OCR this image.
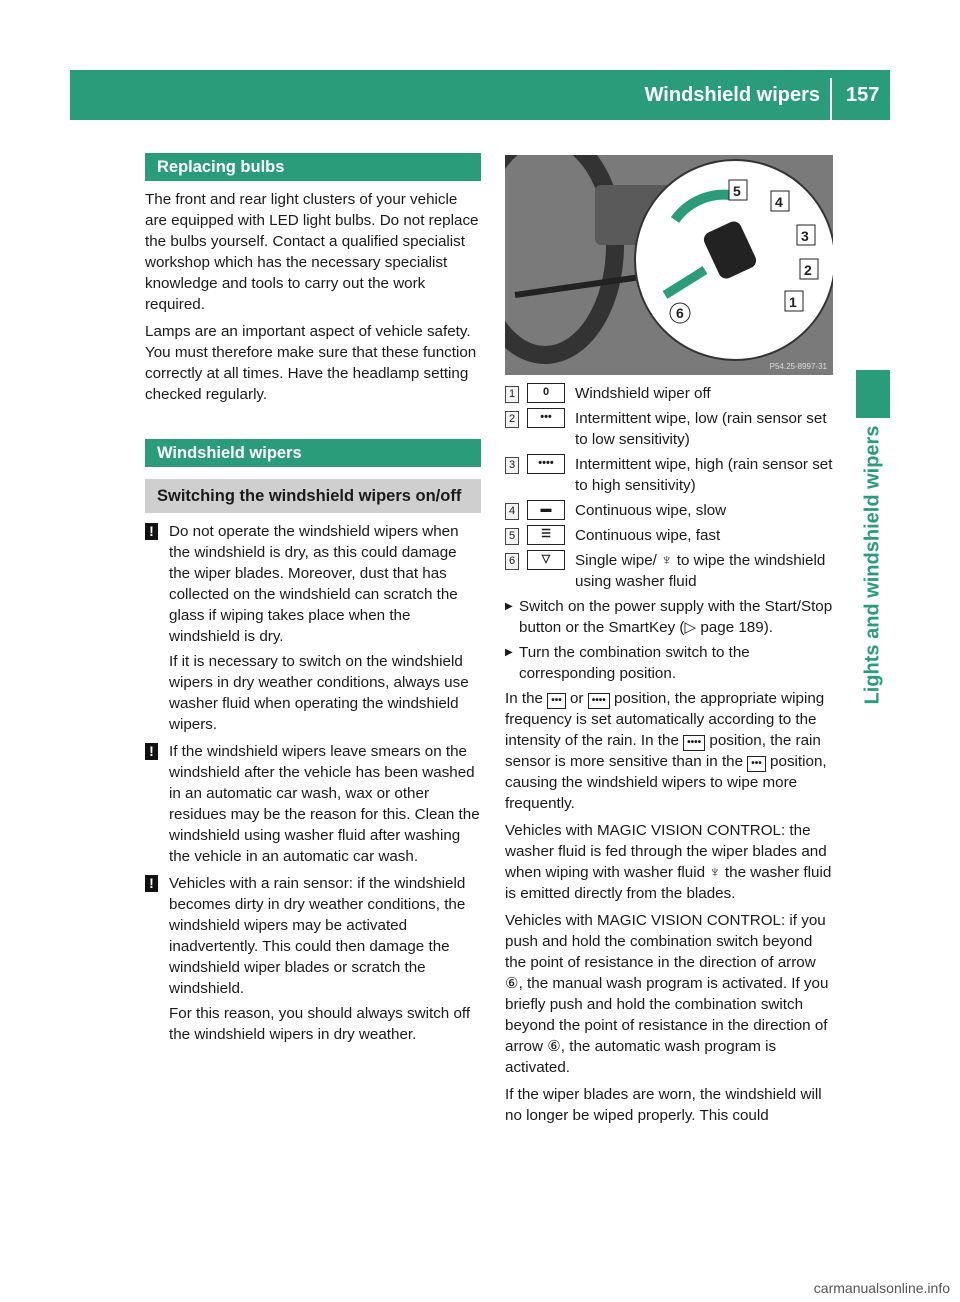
Windshield wipers 157
Lights and windshield wipers
Replacing bulbs

The front and rear light clusters of your vehicle are equipped with LED light bulbs. Do not replace the bulbs yourself. Contact a qualified specialist workshop which has the necessary specialist knowledge and tools to carry out the work required.

Lamps are an important aspect of vehicle safety. You must therefore make sure that these function correctly at all times. Have the headlamp setting checked regularly.

Windshield wipers
Switching the windshield wipers on/off
! Do not operate the windshield wipers when the windshield is dry, as this could damage the wiper blades. Moreover, dust that has collected on the windshield can scratch the glass if wiping takes place when the windshield is dry.

If it is necessary to switch on the windshield wipers in dry weather conditions, always use washer fluid when operating the windshield wipers.

! If the windshield wipers leave smears on the windshield after the vehicle has been washed in an automatic car wash, wax or other residues may be the reason for this. Clean the windshield using washer fluid after washing the vehicle in an automatic car wash.

! Vehicles with a rain sensor: if the windshield becomes dirty in dry weather conditions, the windshield wipers may be activated inadvertently. This could then damage the windshield wiper blades or scratch the windshield.

For this reason, you should always switch off the windshield wipers in dry weather.

5
4
3
2
1
6
P54.25-8997-31
1	0	Windshield wiper off
2	•••	Intermittent wipe, low (rain sensor set to low sensitivity)
3	••••	Intermittent wipe, high (rain sensor set to high sensitivity)
4	▬	Continuous wipe, slow
5	☰	Continuous wipe, fast
6	▽	Single wipe/ ♆ to wipe the windshield using washer fluid
▶ Switch on the power supply with the Start/Stop button or the SmartKey (▷ page 189).
▶ Turn the combination switch to the corresponding position.

In the ••• or •••• position, the appropriate wiping frequency is set automatically according to the intensity of the rain. In the •••• position, the rain sensor is more sensitive than in the ••• position, causing the windshield wipers to wipe more frequently.

Vehicles with MAGIC VISION CONTROL: the washer fluid is fed through the wiper blades and when wiping with washer fluid ♆ the washer fluid is emitted directly from the blades.

Vehicles with MAGIC VISION CONTROL: if you push and hold the combination switch beyond the point of resistance in the direction of arrow ⑥, the manual wash program is activated. If you briefly push and hold the combination switch beyond the point of resistance in the direction of arrow ⑥, the automatic wash program is activated.

If the wiper blades are worn, the windshield will no longer be wiped properly. This could

carmanualsonline.info
